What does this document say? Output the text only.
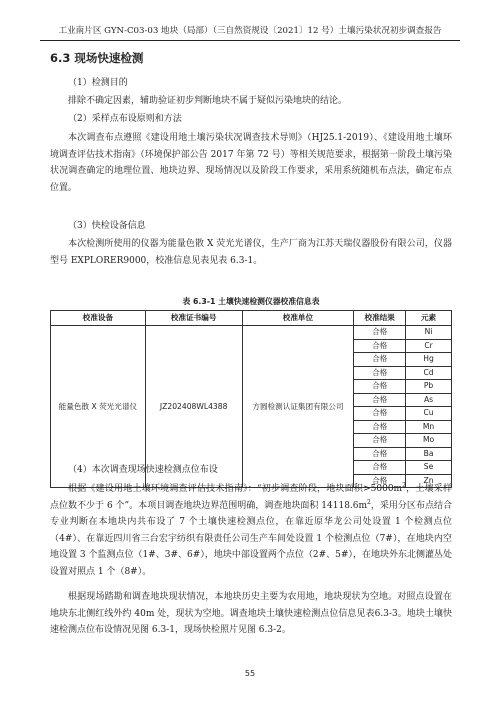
工业南片区 GYN-C03-03 地块（局部）（三自然资规设〔2021〕12 号）土壤污染状况初步调查报告
6.3 现场快速检测
（1）检测目的
排除不确定因素，辅助验证初步判断地块不属于疑似污染地块的结论。
（2）采样点布设原则和方法
本次调查布点遵照《建设用地土壤污染状况调查技术导则》（HJ25.1-2019）、《建设用地土壤环境调查评估技术指南》（环境保护部公告 2017 年第 72 号）等相关规范要求，根据第一阶段土壤污染状况调查确定的地理位置、地块边界、现场情况以及阶段工作要求，采用系统随机布点法，确定布点位置。
（3）快检设备信息
本次检测所使用的仪器为能量色散 X 荧光光谱仪，生产厂商为江苏天瑞仪器股份有限公司，仪器型号 EXPLORER9000，校准信息见表见表 6.3-1。
表 6.3-1 土壤快速检测仪器校准信息表
校准设备	校准证书编号	校准单位	校准结果	元素
能量色散 X 荧光光谱仪	JZ202408WL4388	方圆检测认证集团有限公司	合格	Ni
			合格	Cr
			合格	Hg
			合格	Cd
			合格	Pb
			合格	As
			合格	Cu
			合格	Mn
			合格	Mo
			合格	Ba
			合格	Se
			合格	Zn
（4）本次调查现场快速检测点位布设
根据《建设用地土壤环境调查评估技术指南》：“初步调查阶段，地块面积$>5000m^2$，土壤采样点位数不少于 6 个”。本项目调查地块边界范围明确，调查地块面积 $14118.6m^2$，采用分区布点结合专业判断在本地块内共布设了 7 个土壤快速检测点位，在靠近原华龙公司处设置 1 个检测点位（4#）、在靠近四川省三台宏宇纺织有限责任公司生产车间处设置 1 个检测点位（7#），在地块内空地设置 3 个监测点位（1#、3#、6#），地块中部设置两个点位（2#、5#），在地块外东北侧灌丛处设置对照点 1 个（8#）。
根据现场踏勘和调查地块现状情况，本地块历史主要为农用地，地块现状为空地。对照点设置在地块东北侧红线外约 40m 处，现状为空地。调查地块土壤快速检测点位信息见表6.3-3。地块土壤快速检测点位布设情况见图 6.3-1，现场快检照片见图 6.3-2。
55
